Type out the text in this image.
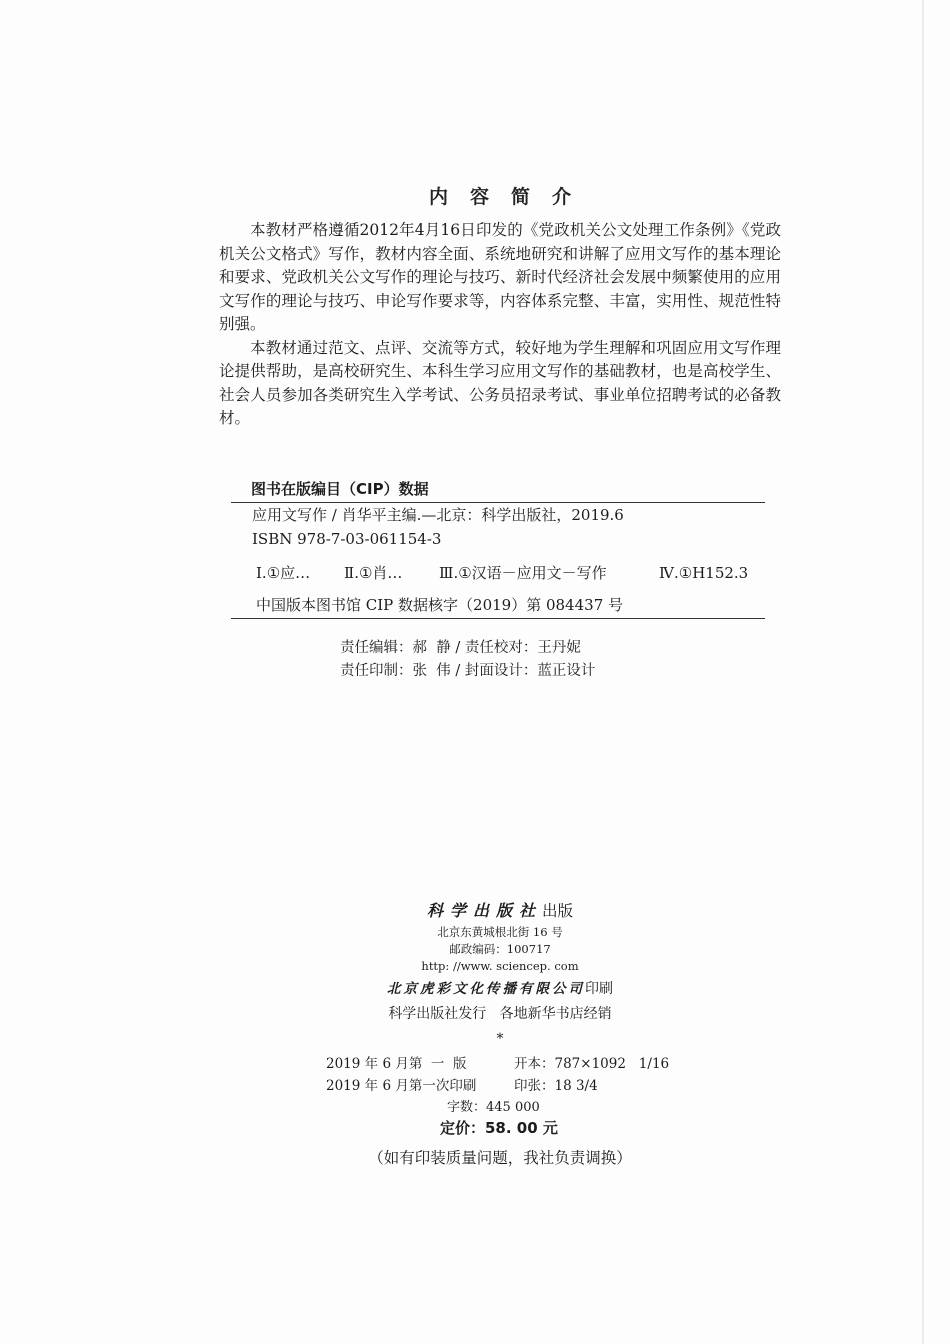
内容简介

本教材严格遵循2012年4月16日印发的《党政机关公文处理工作条例》《党政机关公文格式》写作，教材内容全面、系统地研究和讲解了应用文写作的基本理论和要求、党政机关公文写作的理论与技巧、新时代经济社会发展中频繁使用的应用文写作的理论与技巧、申论写作要求等，内容体系完整、丰富，实用性、规范性特别强。

本教材通过范文、点评、交流等方式，较好地为学生理解和巩固应用文写作理论提供帮助，是高校研究生、本科生学习应用文写作的基础教材，也是高校学生、社会人员参加各类研究生入学考试、公务员招录考试、事业单位招聘考试的必备教材。

图书在版编目（CIP）数据
应用文写作 / 肖华平主编.—北京：科学出版社，2019.6
ISBN 978-7-03-061154-3
Ⅰ.①应… Ⅱ.①肖… Ⅲ.①汉语－应用文－写作	Ⅳ.①H152.3
中国版本图书馆 CIP 数据核字（2019）第 084437 号
责任编辑：郝  静 / 责任校对：王丹妮
责任印制：张  伟 / 封面设计：蓝正设计
科学出版社出版
北京东黄城根北街 16 号
邮政编码：100717
http: //www. sciencep. com
北京虎彩文化传播有限公司印刷
科学出版社发行   各地新华书店经销
*
2019 年 6 月第  一  版	开本：787×1092   1/16
2019 年 6 月第一次印刷	印张：18 3/4
字数：445 000
定价：58. 00 元
（如有印装质量问题，我社负责调换）
